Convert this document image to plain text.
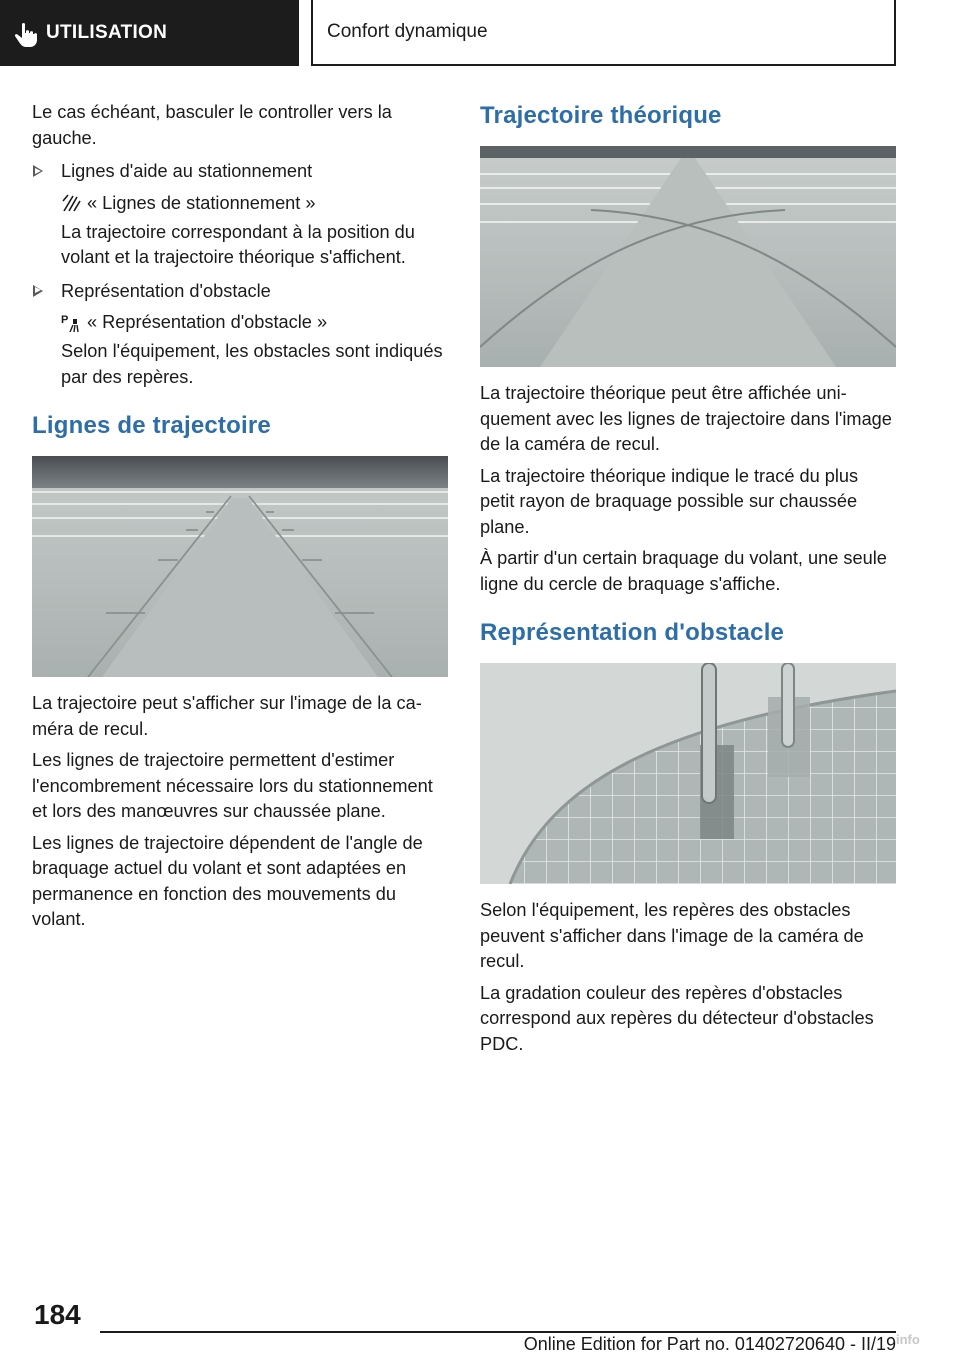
UTILISATION	Confort dynamique

Le cas échéant, basculer le controller vers la gauche.

Lignes d'aide au stationnement

« Lignes de stationnement »

La trajectoire correspondant à la position du volant et la trajectoire théorique s'affichent.

Représentation d'obstacle

P « Représentation d'obstacle »

Selon l'équipement, les obstacles sont indiqués par des repères.

Lignes de trajectoire

La trajectoire peut s'afficher sur l'image de la caméra de recul.

Les lignes de trajectoire permettent d'estimer l'encombrement nécessaire lors du stationnement et lors des manœuvres sur chaussée plane.

Les lignes de trajectoire dépendent de l'angle de braquage actuel du volant et sont adaptées en permanence en fonction des mouvements du volant.

Trajectoire théorique

La trajectoire théorique peut être affichée uniquement avec les lignes de trajectoire dans l'image de la caméra de recul.

La trajectoire théorique indique le tracé du plus petit rayon de braquage possible sur chaussée plane.

À partir d'un certain braquage du volant, une seule ligne du cercle de braquage s'affiche.

Représentation d'obstacle

Selon l'équipement, les repères des obstacles peuvent s'afficher dans l'image de la caméra de recul.

La gradation couleur des repères d'obstacles correspond aux repères du détecteur d'obstacles PDC.

184
Online Edition for Part no. 01402720640 - II/19 info
